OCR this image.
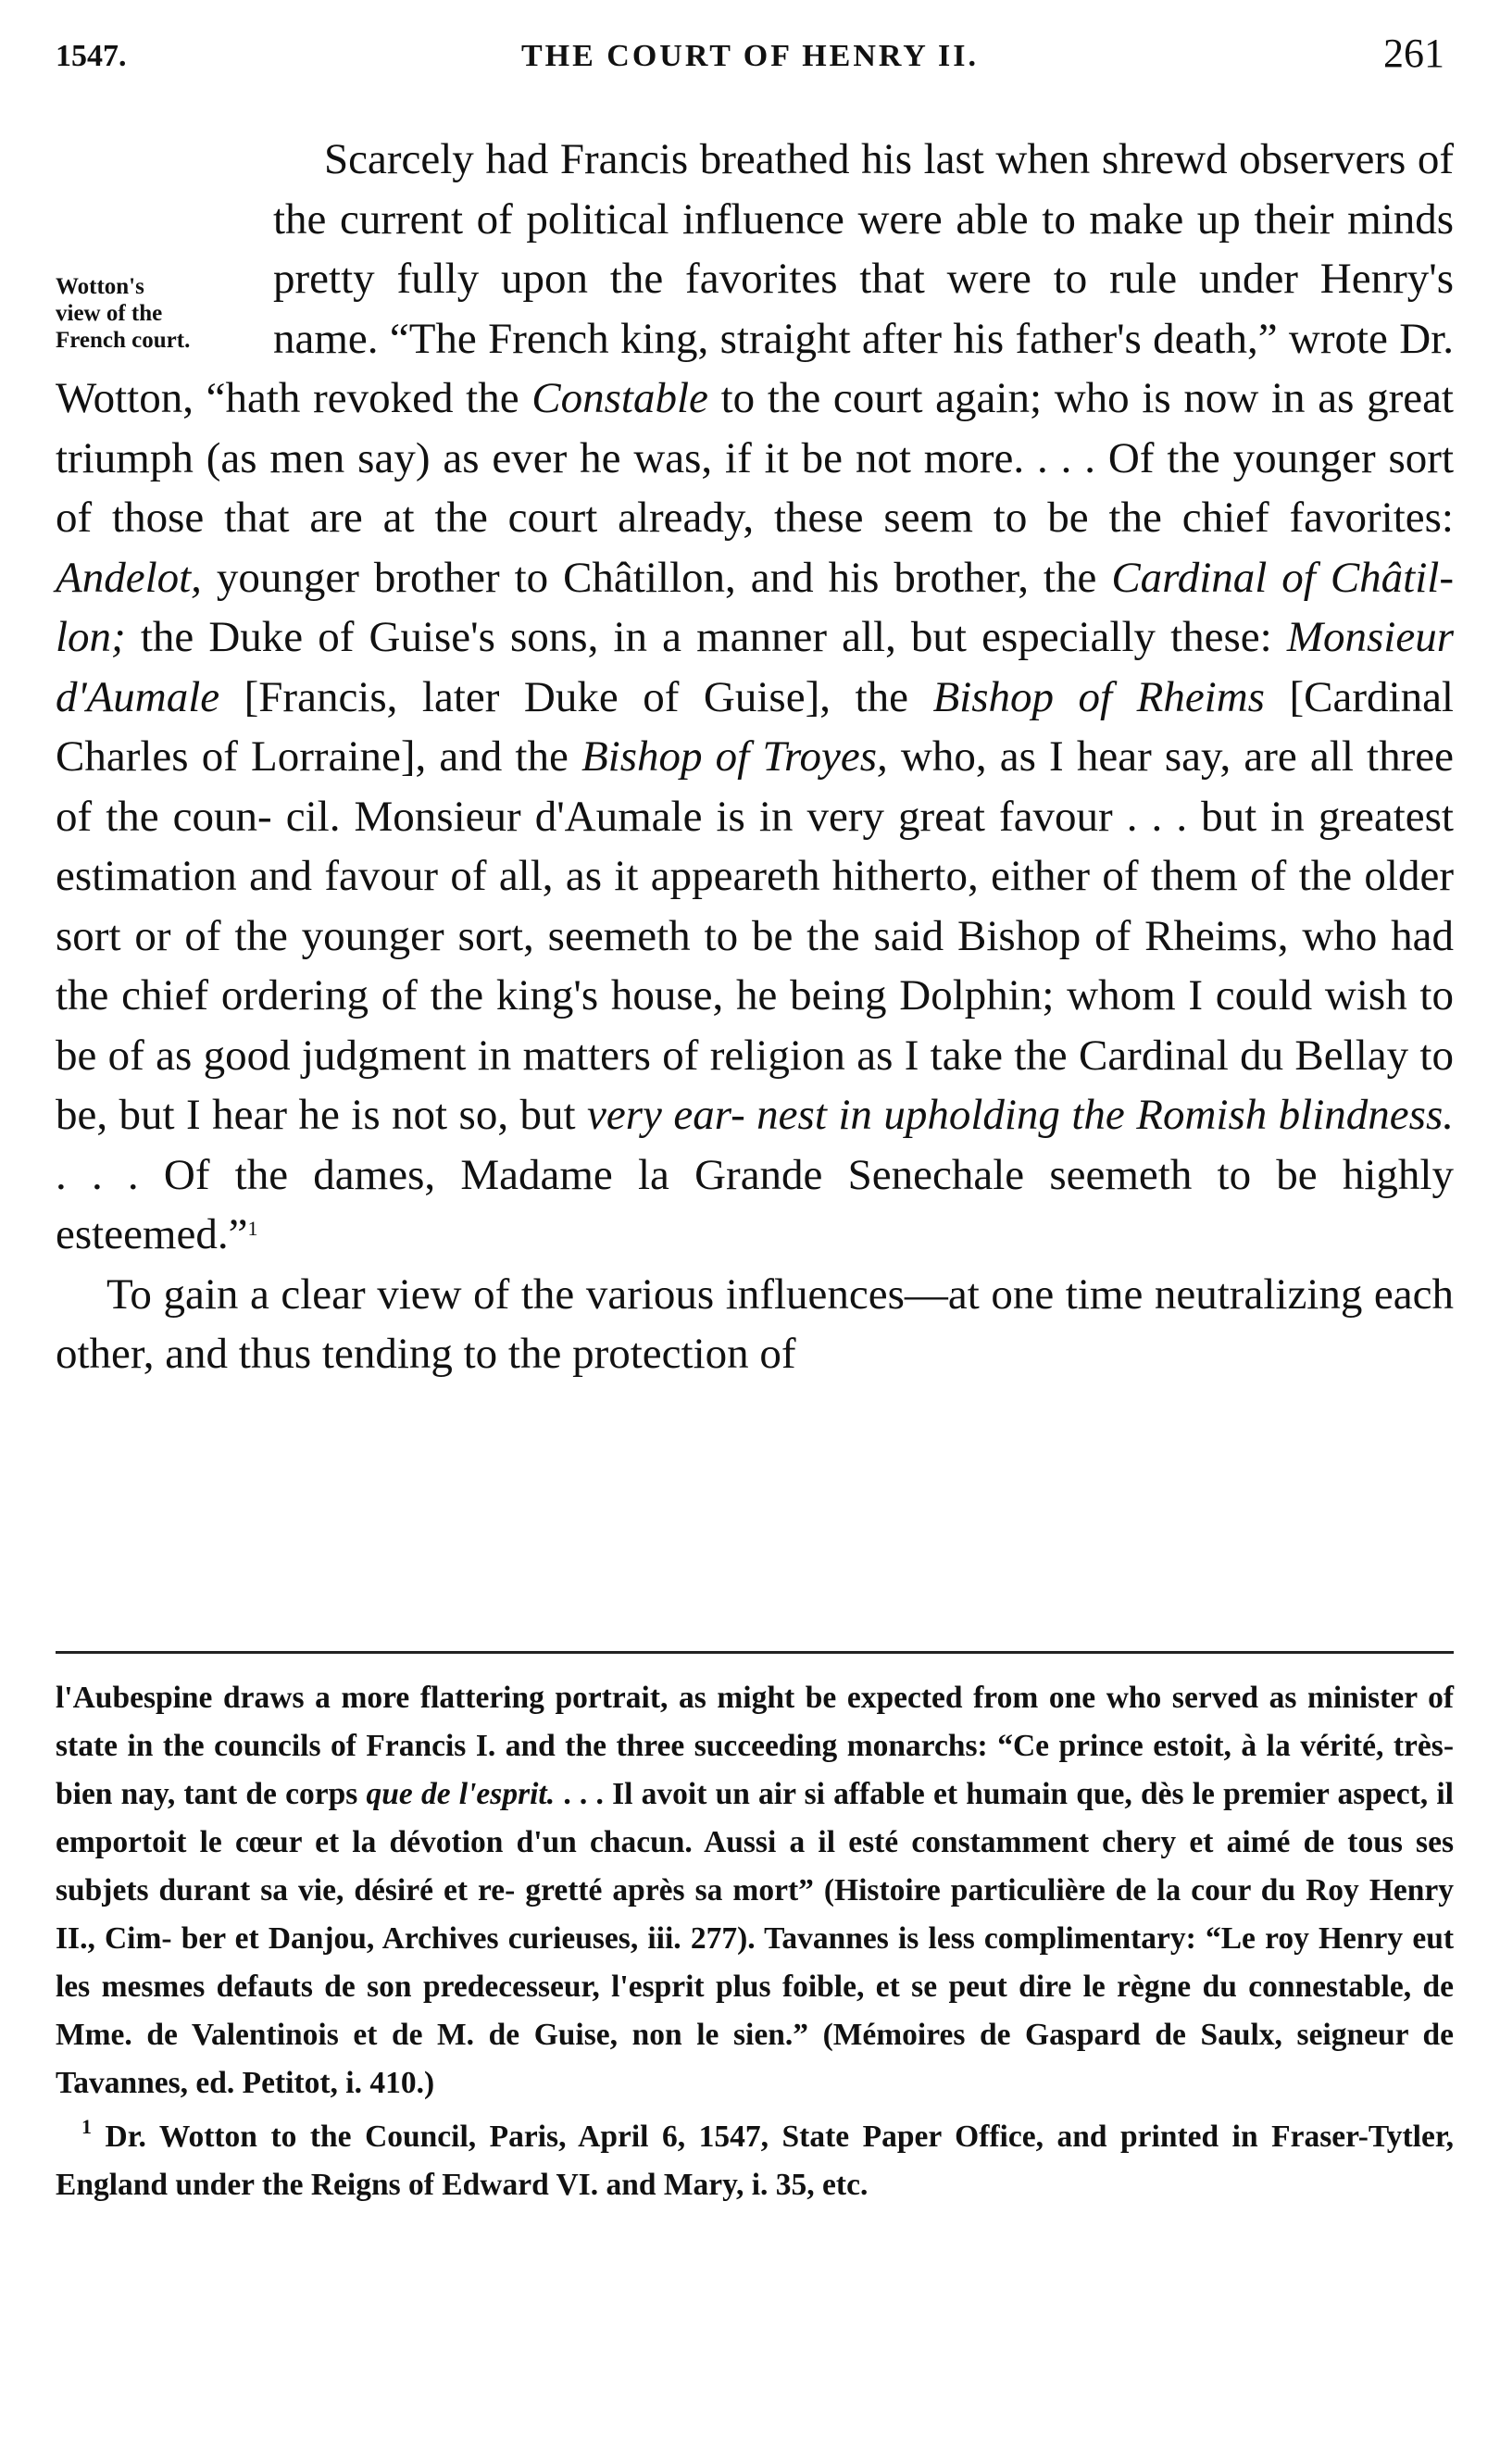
1547.	THE COURT OF HENRY II.	261
Wotton's
view of the
French court.

Scarcely had Francis breathed his last when shrewd observers of the current of political influence were able to make up their minds pretty fully upon the favorites that were to rule under Henry's name. “The French king, straight after his father's death,” wrote Dr. Wotton, “hath revoked the Constable to the court again; who is now in as great triumph (as men say) as ever he was, if it be not more. . . . Of the younger sort of those that are at the court already, these seem to be the chief favorites: Andelot, younger brother to Châtillon, and his brother, the Cardinal of Châtil- lon; the Duke of Guise's sons, in a manner all, but especially these: Monsieur d'Aumale [Francis, later Duke of Guise], the Bishop of Rheims [Cardinal Charles of Lorraine], and the Bishop of Troyes, who, as I hear say, are all three of the coun- cil. Monsieur d'Aumale is in very great favour . . . but in greatest estimation and favour of all, as it appeareth hitherto, either of them of the older sort or of the younger sort, seemeth to be the said Bishop of Rheims, who had the chief ordering of the king's house, he being Dolphin; whom I could wish to be of as good judgment in matters of religion as I take the Cardinal du Bellay to be, but I hear he is not so, but very ear- nest in upholding the Romish blindness. . . . Of the dames, Madame la Grande Senechale seemeth to be highly esteemed.”$^1$

To gain a clear view of the various influences—at one time neutralizing each other, and thus tending to the protection of

l'Aubespine draws a more flattering portrait, as might be expected from one who served as minister of state in the councils of Francis I. and the three succeeding monarchs: “Ce prince estoit, à la vérité, très-bien nay, tant de corps que de l'esprit. . . . Il avoit un air si affable et humain que, dès le premier aspect, il emportoit le cœur et la dévotion d'un chacun. Aussi a il esté constamment chery et aimé de tous ses subjets durant sa vie, désiré et re- gretté après sa mort” (Histoire particulière de la cour du Roy Henry II., Cim- ber et Danjou, Archives curieuses, iii. 277). Tavannes is less complimentary: “Le roy Henry eut les mesmes defauts de son predecesseur, l'esprit plus foible, et se peut dire le règne du connestable, de Mme. de Valentinois et de M. de Guise, non le sien.” (Mémoires de Gaspard de Saulx, seigneur de Tavannes, ed. Petitot, i. 410.)

$^1$ Dr. Wotton to the Council, Paris, April 6, 1547, State Paper Office, and printed in Fraser-Tytler, England under the Reigns of Edward VI. and Mary, i. 35, etc.
